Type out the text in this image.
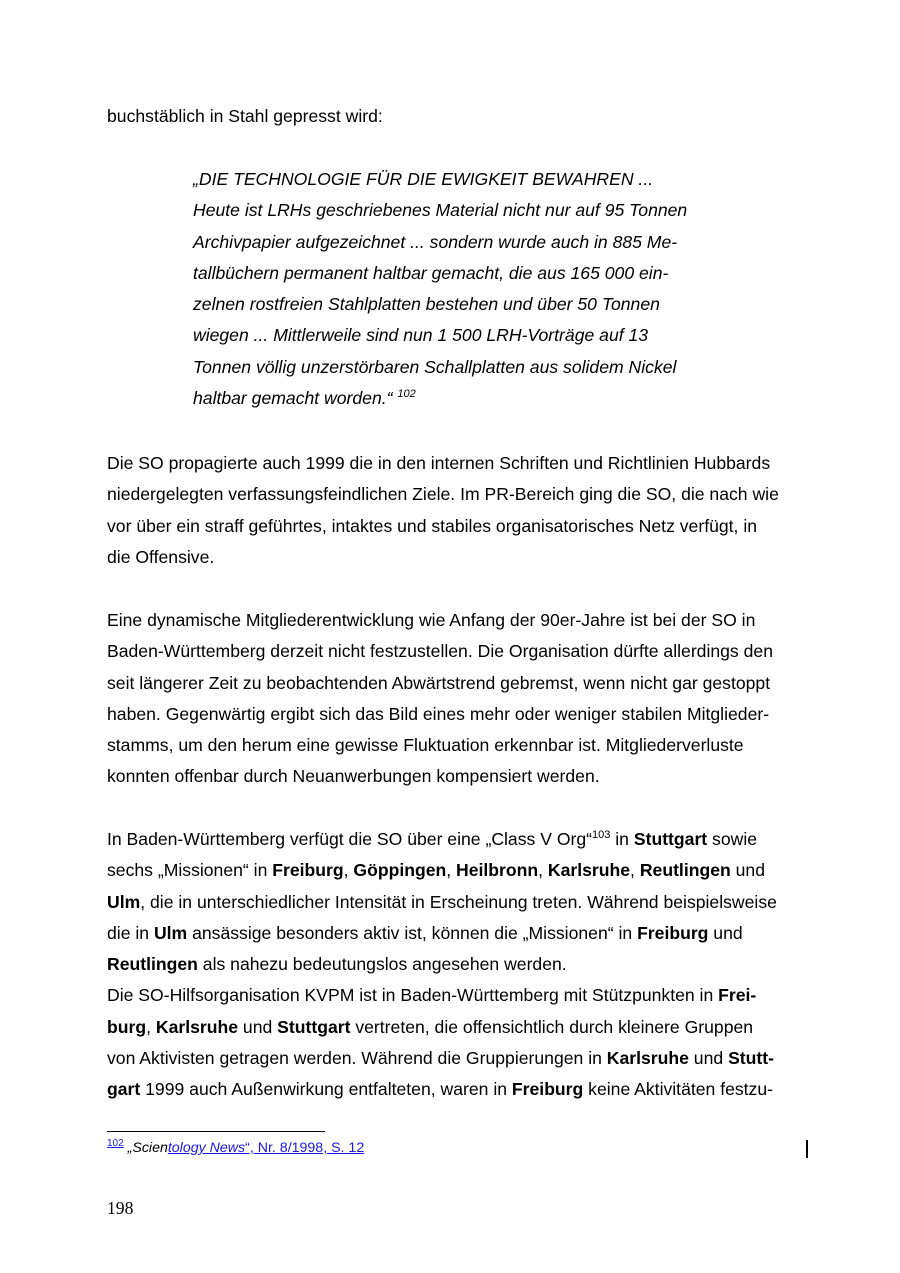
buchstäblich in Stahl gepresst wird:
„DIE TECHNOLOGIE FÜR DIE EWIGKEIT BEWAHREN ...
Heute ist LRHs geschriebenes Material nicht nur auf 95 Tonnen
Archivpapier aufgezeichnet ... sondern wurde auch in 885 Me-
tallbüchern permanent haltbar gemacht, die aus 165 000 ein-
zelnen rostfreien Stahlplatten bestehen und über 50 Tonnen
wiegen ... Mittlerweile sind nun 1 500 LRH-Vorträge auf 13
Tonnen völlig unzerstörbaren Schallplatten aus solidem Nickel
haltbar gemacht worden.“ $^{102}$
Die SO propagierte auch 1999 die in den internen Schriften und Richtlinien Hubbards
niedergelegten verfassungsfeindlichen Ziele. Im PR-Bereich ging die SO, die nach wie
vor über ein straff geführtes, intaktes und stabiles organisatorisches Netz verfügt, in
die Offensive.
Eine dynamische Mitgliederentwicklung wie Anfang der 90er-Jahre ist bei der SO in
Baden-Württemberg derzeit nicht festzustellen. Die Organisation dürfte allerdings den
seit längerer Zeit zu beobachtenden Abwärtstrend gebremst, wenn nicht gar gestoppt
haben. Gegenwärtig ergibt sich das Bild eines mehr oder weniger stabilen Mitglieder-
stamms, um den herum eine gewisse Fluktuation erkennbar ist. Mitgliederverluste
konnten offenbar durch Neuanwerbungen kompensiert werden.
In Baden-Württemberg verfügt die SO über eine „Class V Org“$^{103}$ in Stuttgart sowie
sechs „Missionen“ in Freiburg, Göppingen, Heilbronn, Karlsruhe, Reutlingen und
Ulm, die in unterschiedlicher Intensität in Erscheinung treten. Während beispielsweise
die in Ulm ansässige besonders aktiv ist, können die „Missionen“ in Freiburg und
Reutlingen als nahezu bedeutungslos angesehen werden.
Die SO-Hilfsorganisation KVPM ist in Baden-Württemberg mit Stützpunkten in Frei-
burg, Karlsruhe und Stuttgart vertreten, die offensichtlich durch kleinere Gruppen
von Aktivisten getragen werden. Während die Gruppierungen in Karlsruhe und Stutt-
gart 1999 auch Außenwirkung entfalteten, waren in Freiburg keine Aktivitäten festzu-
$^{102}$ „Scientology News“, Nr. 8/1998, S. 12
198
